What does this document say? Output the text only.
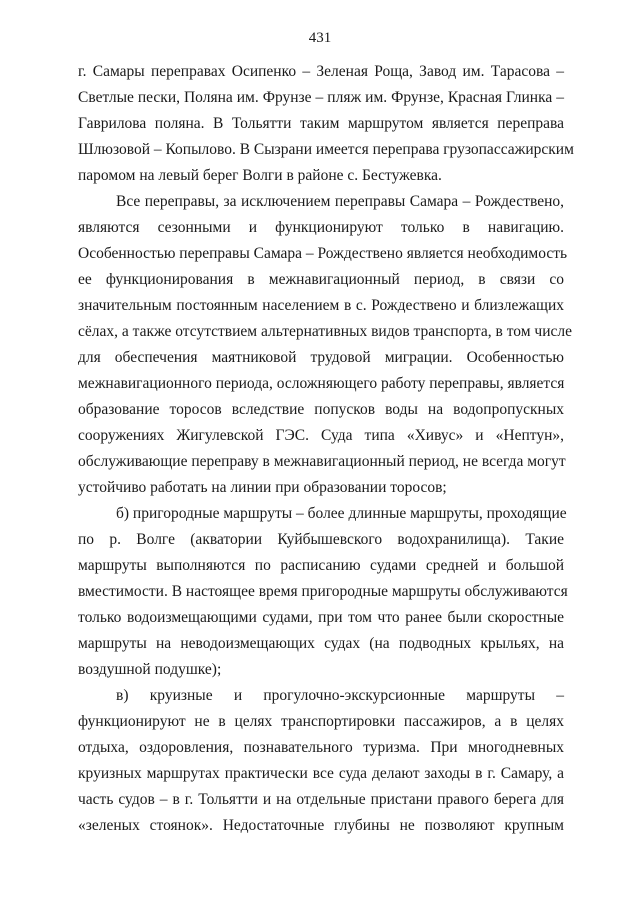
431
г. Самары переправах Осипенко – Зеленая Роща, Завод им. Тарасова –
Светлые пески, Поляна им. Фрунзе – пляж им. Фрунзе, Красная Глинка –
Гаврилова поляна. В Тольятти таким маршрутом является переправа
Шлюзовой – Копылово. В Сызрани имеется переправа грузопассажирским
паромом на левый берег Волги в районе с. Бестужевка.
Все переправы, за исключением переправы Самара – Рождествено,
являются сезонными и функционируют только в навигацию.
Особенностью переправы Самара – Рождествено является необходимость
ее функционирования в межнавигационный период, в связи со
значительным постоянным населением в с. Рождествено и близлежащих
сёлах, а также отсутствием альтернативных видов транспорта, в том числе
для обеспечения маятниковой трудовой миграции. Особенностью
межнавигационного периода, осложняющего работу переправы, является
образование торосов вследствие попусков воды на водопропускных
сооружениях Жигулевской ГЭС. Суда типа «Хивус» и «Нептун»,
обслуживающие переправу в межнавигационный период, не всегда могут
устойчиво работать на линии при образовании торосов;
б) пригородные маршруты – более длинные маршруты, проходящие
по р. Волге (акватории Куйбышевского водохранилища). Такие
маршруты выполняются по расписанию судами средней и большой
вместимости. В настоящее время пригородные маршруты обслуживаются
только водоизмещающими судами, при том что ранее были скоростные
маршруты на неводоизмещающих судах (на подводных крыльях, на
воздушной подушке);
в) круизные и прогулочно-экскурсионные маршруты –
функционируют не в целях транспортировки пассажиров, а в целях
отдыха, оздоровления, познавательного туризма. При многодневных
круизных маршрутах практически все суда делают заходы в г. Самару, а
часть судов – в г. Тольятти и на отдельные пристани правого берега для
«зеленых стоянок». Недостаточные глубины не позволяют крупным
